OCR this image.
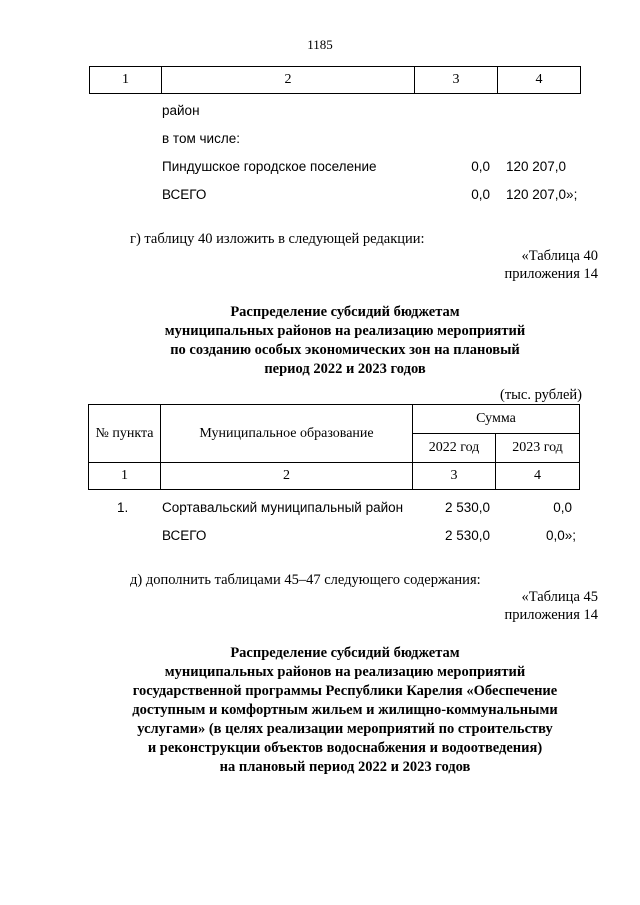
1185
1	2	3	4
район
в том числе:
Пиндушское городское поселение	0,0 120 207,0
ВСЕГО	0,0 120 207,0»;
г) таблицу 40 изложить в следующей редакции:
«Таблица 40
приложения 14
Распределение субсидий бюджетам
муниципальных районов на реализацию мероприятий
по созданию особых экономических зон на плановый
период 2022 и 2023 годов
(тыс. рублей)
№ пункта	Муниципальное образование	Сумма	
		2022 год	2023 год
1	2	3	4
1. Сортавальский муниципальный район	2 530,0	0,0
ВСЕГО	2 530,0	0,0»;
д) дополнить таблицами 45–47 следующего содержания:
«Таблица 45
приложения 14
Распределение субсидий бюджетам
муниципальных районов на реализацию мероприятий
государственной программы Республики Карелия «Обеспечение
доступным и комфортным жильем и жилищно-коммунальными
услугами» (в целях реализации мероприятий по строительству
и реконструкции объектов водоснабжения и водоотведения)
на плановый период 2022 и 2023 годов
